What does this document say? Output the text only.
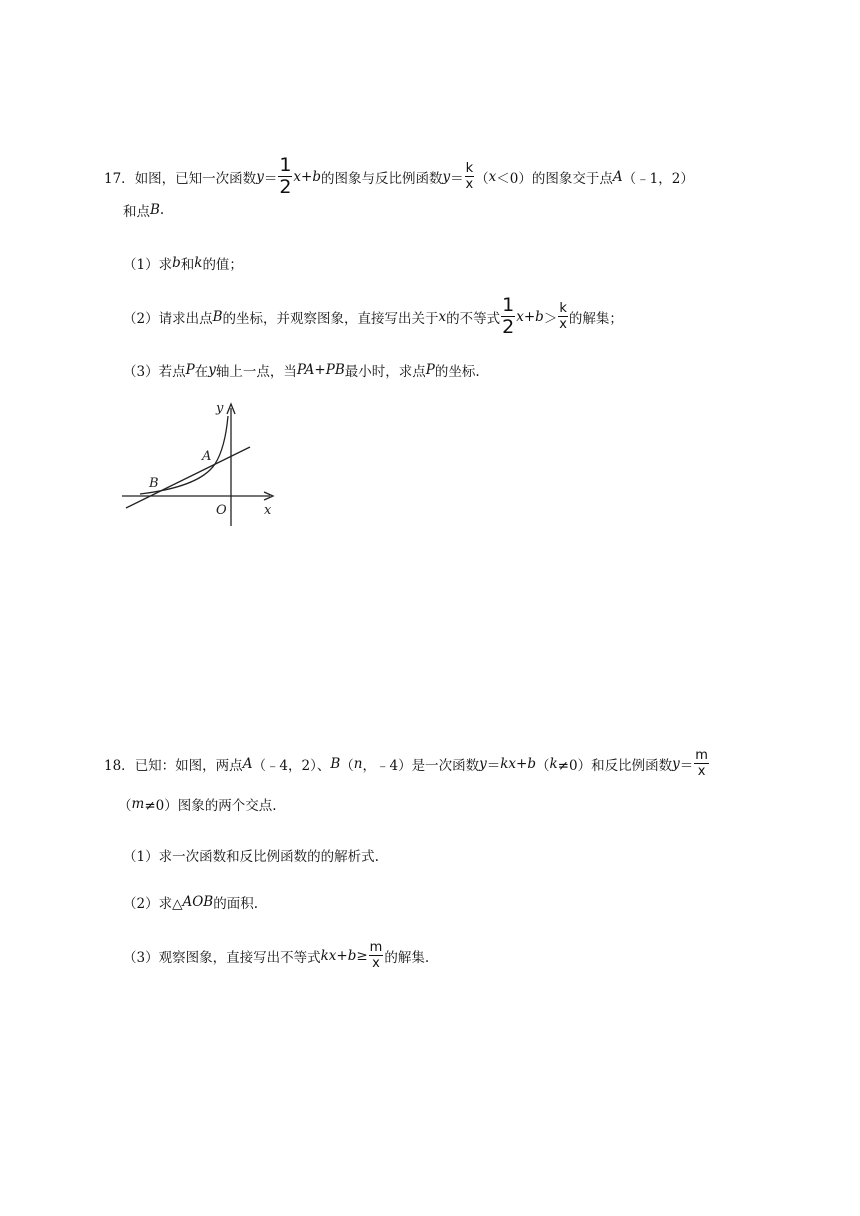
17． 如图，已知一次函数 $y = \frac{1}{2} x+b$ 的图象与反比例函数 $y = \frac{k}{x}$ （ x ＜0）的图象交于点 A （﹣1，2）
和点 B .
（1）求 b 和 k 的值；
（2）请求出点 B 的坐标，并观察图象，直接写出关于 x 的不等式 $\frac{1}{2} x+b > \frac{k}{x}$ 的解集；
（3）若点 P 在 y 轴上一点，当 PA+PB 最小时，求点 P 的坐标.
y
x
O
A
B
18． 已知：如图，两点 A （﹣4，2）、 B （ n ，﹣4）是一次函数 y ＝ kx+b （ k ≠0）和反比例函数 $y = \frac{m}{x}$
（ m ≠0）图象的两个交点.
（1）求一次函数和反比例函数的的解析式.
（2）求△ AOB 的面积.
（3）观察图象，直接写出不等式 $kx+b \ge \frac{m}{x}$ 的解集.
